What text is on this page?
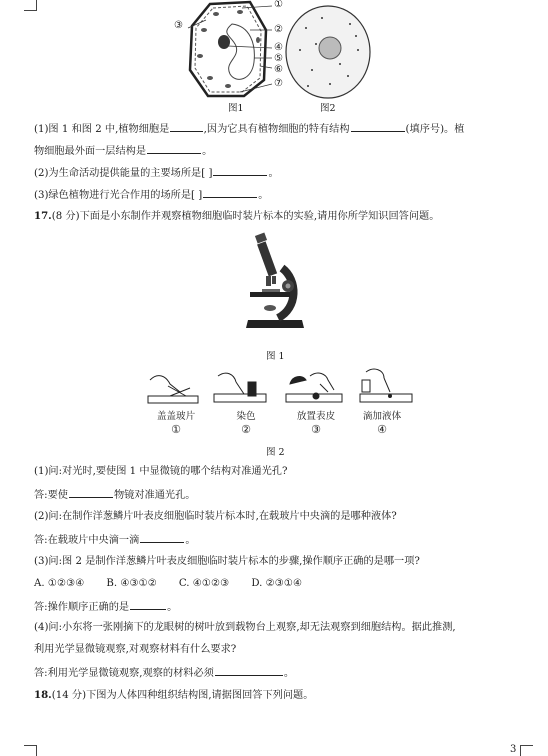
③
①
②
④
⑤
⑥
⑦
图1	图2
(1)图 1 和图 2 中,植物细胞是	,因为它具有植物细胞的特有结构	(填序号)。植
物细胞最外面一层结构是	。
(2)为生命活动提供能量的主要场所是[ ]	。
(3)绿色植物进行光合作用的场所是[ ]	。
17.(8 分)下面是小东制作并观察植物细胞临时装片标本的实验,请用你所学知识回答问题。
图 1
盖盖玻片	染色	放置表皮	滴加液体
①	②	③	④
图 2
(1)问:对光时,要使图 1 中显微镜的哪个结构对准通光孔?
答:要使	物镜对准通光孔。
(2)问:在制作洋葱鳞片叶表皮细胞临时装片标本时,在载玻片中央滴的是哪种液体?
答:在载玻片中央滴一滴	。
(3)问:图 2 是制作洋葱鳞片叶表皮细胞临时装片标本的步骤,操作顺序正确的是哪一项?
A. ①②③④ B. ④③①② C. ④①②③ D. ②③①④
答:操作顺序正确的是	。
(4)问:小东将一张刚摘下的龙眼树的树叶放到载物台上观察,却无法观察到细胞结构。据此推测,
利用光学显微镜观察,对观察材料有什么要求?
答:利用光学显微镜观察,观察的材料必须	。
18.(14 分)下图为人体四种组织结构图,请据图回答下列问题。
3
